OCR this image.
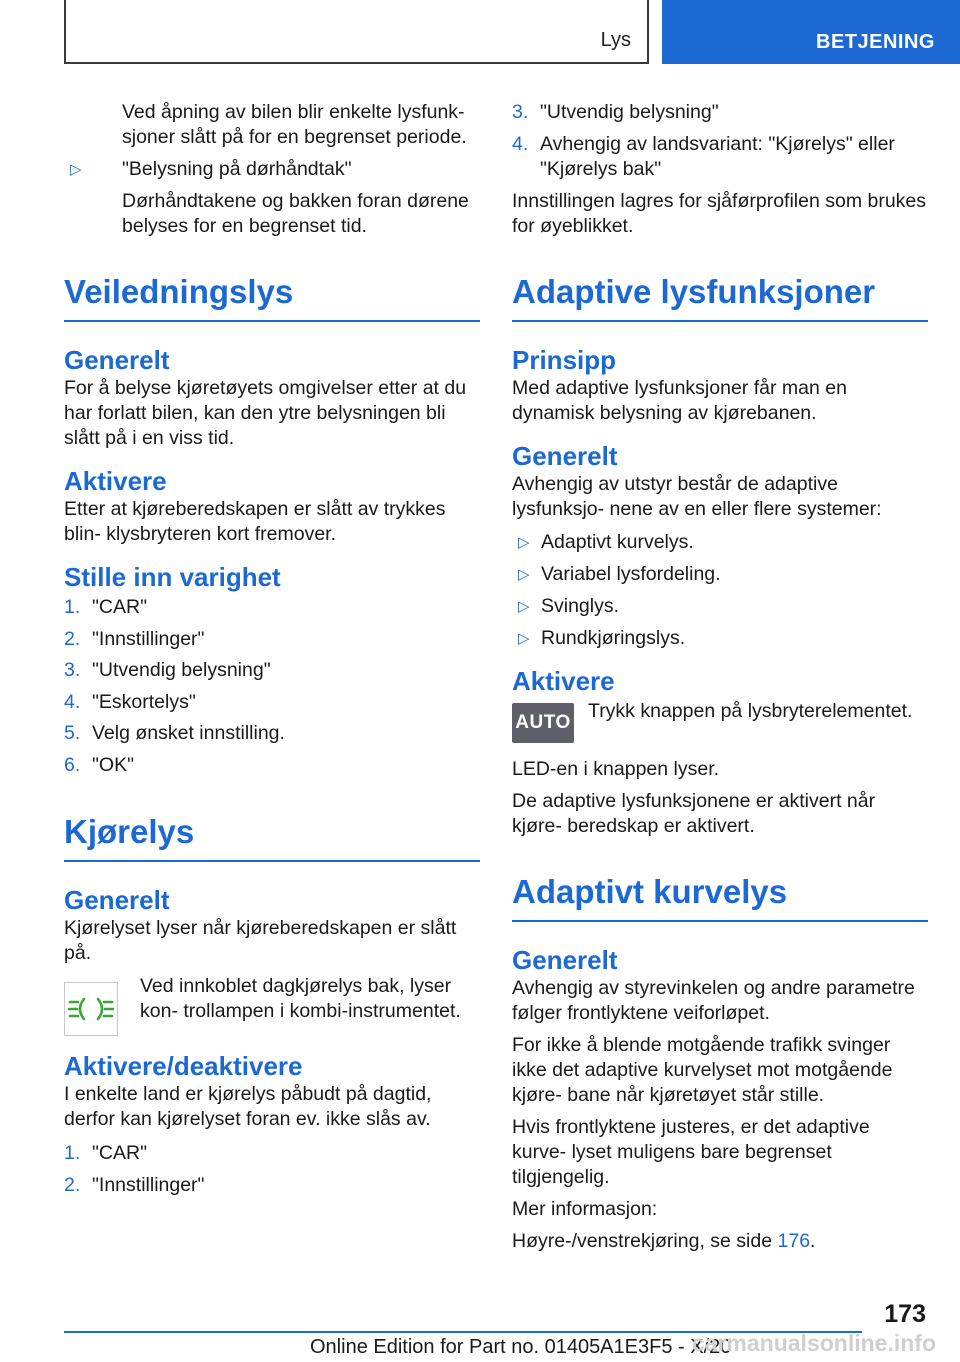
Lys	BETJENING

Ved åpning av bilen blir enkelte lysfunk‐ sjoner slått på for en begrenset periode.

▷	"Belysning på dørhåndtak"

Dørhåndtakene og bakken foran dørene belyses for en begrenset tid.

Veiledningslys
Generelt

For å belyse kjøretøyets omgivelser etter at du har forlatt bilen, kan den ytre belysningen bli slått på i en viss tid.

Aktivere

Etter at kjøreberedskapen er slått av trykkes blin‐ klysbryteren kort fremover.

Stille inn varighet
1. "CAR"
2. "Innstillinger"
3. "Utvendig belysning"
4. "Eskortelys"
5. Velg ønsket innstilling.
6. "OK"
Kjørelys
Generelt

Kjørelyset lyser når kjøreberedskapen er slått på.

Ved innkoblet dagkjørelys bak, lyser kon‐ trollampen i kombi-instrumentet.

Aktivere/deaktivere

I enkelte land er kjørelys påbudt på dagtid, derfor kan kjørelyset foran ev. ikke slås av.

1. "CAR"
2. "Innstillinger"
3. "Utvendig belysning"
4. Avhengig av landsvariant: "Kjørelys" eller "Kjørelys bak"

Innstillingen lagres for sjåførprofilen som brukes for øyeblikket.

Adaptive lysfunksjoner
Prinsipp

Med adaptive lysfunksjoner får man en dynamisk belysning av kjørebanen.

Generelt

Avhengig av utstyr består de adaptive lysfunksjo‐ nene av en eller flere systemer:

▷ Adaptivt kurvelys.
▷ Variabel lysfordeling.
▷ Svinglys.
▷ Rundkjøringslys.
Aktivere
AUTO

Trykk knappen på lysbryterelementet.

LED-en i knappen lyser.

De adaptive lysfunksjonene er aktivert når kjøre‐ beredskap er aktivert.

Adaptivt kurvelys
Generelt

Avhengig av styrevinkelen og andre parametre følger frontlyktene veiforløpet.

For ikke å blende motgående trafikk svinger ikke det adaptive kurvelyset mot motgående kjøre‐ bane når kjøretøyet står stille.

Hvis frontlyktene justeres, er det adaptive kurve‐ lyset muligens bare begrenset tilgjengelig.

Mer informasjon:

Høyre-/venstrekjøring, se side 176.

173
Online Edition for Part no. 01405A1E3F5 - X/20
carmanualsonline.info
